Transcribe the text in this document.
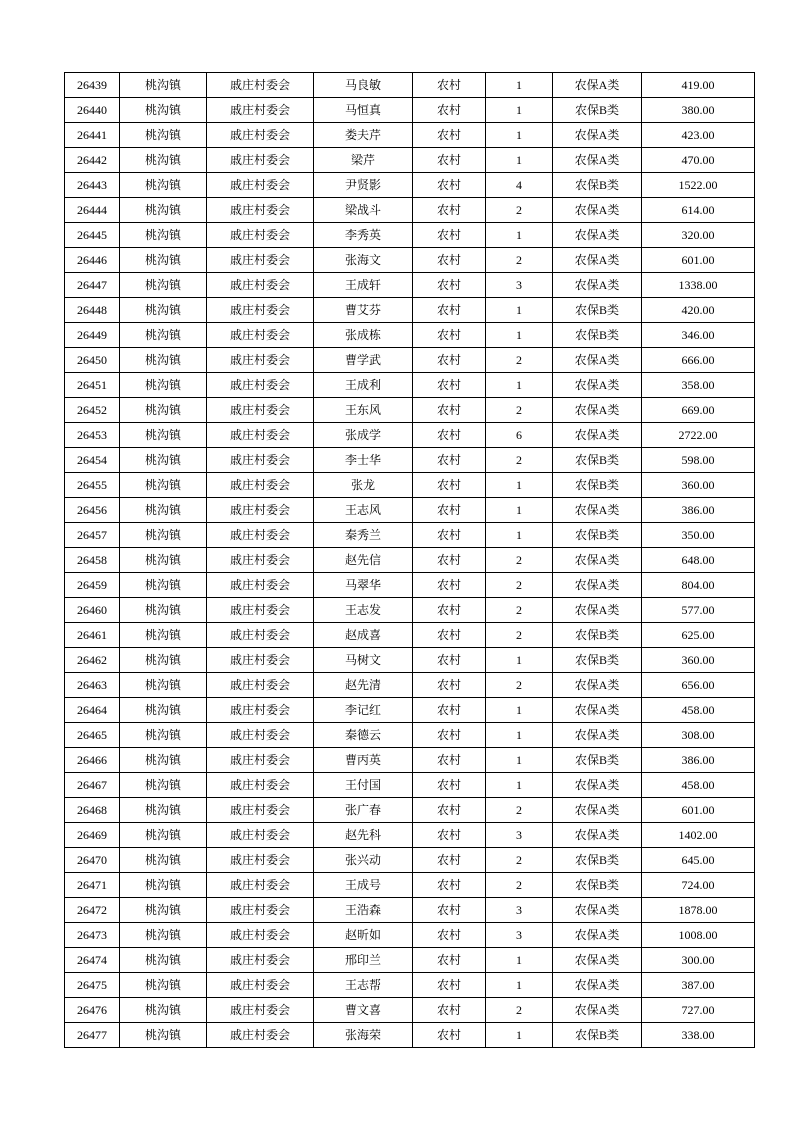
26439	桃沟镇	戚庄村委会	马良敏	农村	1	农保A类	419.00
26440	桃沟镇	戚庄村委会	马恒真	农村	1	农保B类	380.00
26441	桃沟镇	戚庄村委会	娄夫芹	农村	1	农保A类	423.00
26442	桃沟镇	戚庄村委会	梁芹	农村	1	农保A类	470.00
26443	桃沟镇	戚庄村委会	尹贤影	农村	4	农保B类	1522.00
26444	桃沟镇	戚庄村委会	梁战斗	农村	2	农保A类	614.00
26445	桃沟镇	戚庄村委会	李秀英	农村	1	农保A类	320.00
26446	桃沟镇	戚庄村委会	张海文	农村	2	农保A类	601.00
26447	桃沟镇	戚庄村委会	王成轩	农村	3	农保A类	1338.00
26448	桃沟镇	戚庄村委会	曹艾芬	农村	1	农保B类	420.00
26449	桃沟镇	戚庄村委会	张成栋	农村	1	农保B类	346.00
26450	桃沟镇	戚庄村委会	曹学武	农村	2	农保A类	666.00
26451	桃沟镇	戚庄村委会	王成利	农村	1	农保A类	358.00
26452	桃沟镇	戚庄村委会	王东风	农村	2	农保A类	669.00
26453	桃沟镇	戚庄村委会	张成学	农村	6	农保A类	2722.00
26454	桃沟镇	戚庄村委会	李士华	农村	2	农保B类	598.00
26455	桃沟镇	戚庄村委会	张龙	农村	1	农保B类	360.00
26456	桃沟镇	戚庄村委会	王志风	农村	1	农保A类	386.00
26457	桃沟镇	戚庄村委会	秦秀兰	农村	1	农保B类	350.00
26458	桃沟镇	戚庄村委会	赵先信	农村	2	农保A类	648.00
26459	桃沟镇	戚庄村委会	马翠华	农村	2	农保A类	804.00
26460	桃沟镇	戚庄村委会	王志发	农村	2	农保A类	577.00
26461	桃沟镇	戚庄村委会	赵成喜	农村	2	农保B类	625.00
26462	桃沟镇	戚庄村委会	马树文	农村	1	农保B类	360.00
26463	桃沟镇	戚庄村委会	赵先清	农村	2	农保A类	656.00
26464	桃沟镇	戚庄村委会	李记红	农村	1	农保A类	458.00
26465	桃沟镇	戚庄村委会	秦德云	农村	1	农保A类	308.00
26466	桃沟镇	戚庄村委会	曹丙英	农村	1	农保B类	386.00
26467	桃沟镇	戚庄村委会	王付国	农村	1	农保A类	458.00
26468	桃沟镇	戚庄村委会	张广春	农村	2	农保A类	601.00
26469	桃沟镇	戚庄村委会	赵先科	农村	3	农保A类	1402.00
26470	桃沟镇	戚庄村委会	张兴动	农村	2	农保B类	645.00
26471	桃沟镇	戚庄村委会	王成号	农村	2	农保B类	724.00
26472	桃沟镇	戚庄村委会	王浩森	农村	3	农保A类	1878.00
26473	桃沟镇	戚庄村委会	赵昕如	农村	3	农保A类	1008.00
26474	桃沟镇	戚庄村委会	邢印兰	农村	1	农保A类	300.00
26475	桃沟镇	戚庄村委会	王志帮	农村	1	农保A类	387.00
26476	桃沟镇	戚庄村委会	曹文喜	农村	2	农保A类	727.00
26477	桃沟镇	戚庄村委会	张海荣	农村	1	农保B类	338.00
